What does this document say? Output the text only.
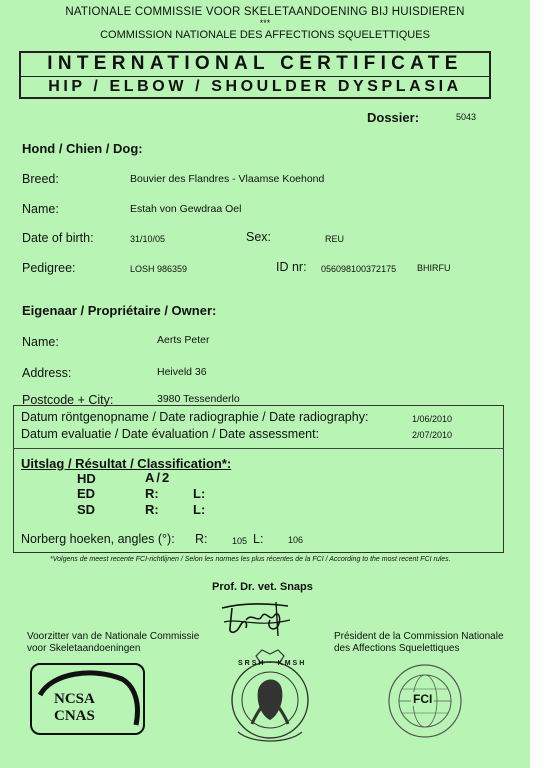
NATIONALE COMMISSIE VOOR SKELETAANDOENING BIJ HUISDIEREN
***
COMMISSION NATIONALE DES AFFECTIONS SQUELETTIQUES
INTERNATIONAL CERTIFICATE
HIP / ELBOW / SHOULDER DYSPLASIA
Dossier:	5043
Hond / Chien / Dog:
Breed:	Bouvier des Flandres - Vlaamse Koehond
Name:	Estah von Gewdraa Oel
Date of birth:	31/10/05	Sex:	REU
Pedigree:	LOSH 986359	ID nr: 056098100372175 BHIRFU
Eigenaar / Propriétaire / Owner:
Name:	Aerts Peter
Address:	Heiveld 36
Postcode + City:	3980 Tessenderlo
Datum röntgenopname / Date radiographie / Date radiography:	1/06/2010
Datum evaluatie / Date évaluation / Date assessment:	2/07/2010
Uitslag / Résultat / Classification*:
HD	A/2
ED	R:	L:
SD	R:	L:
Norberg hoeken, angles (°): R:	105 L:	106
*Volgens de meest recente FCI-richtlijnen / Selon les normes les plus récentes de la FCI / According to the most recent FCI rules.
Prof. Dr. vet. Snaps
Voorzitter van de Nationale Commissie
voor Skeletaandoeningen
Président de la Commission Nationale
des Affections Squelettiques
NCSA
CNAS
SRSH · KMSH
FCI
